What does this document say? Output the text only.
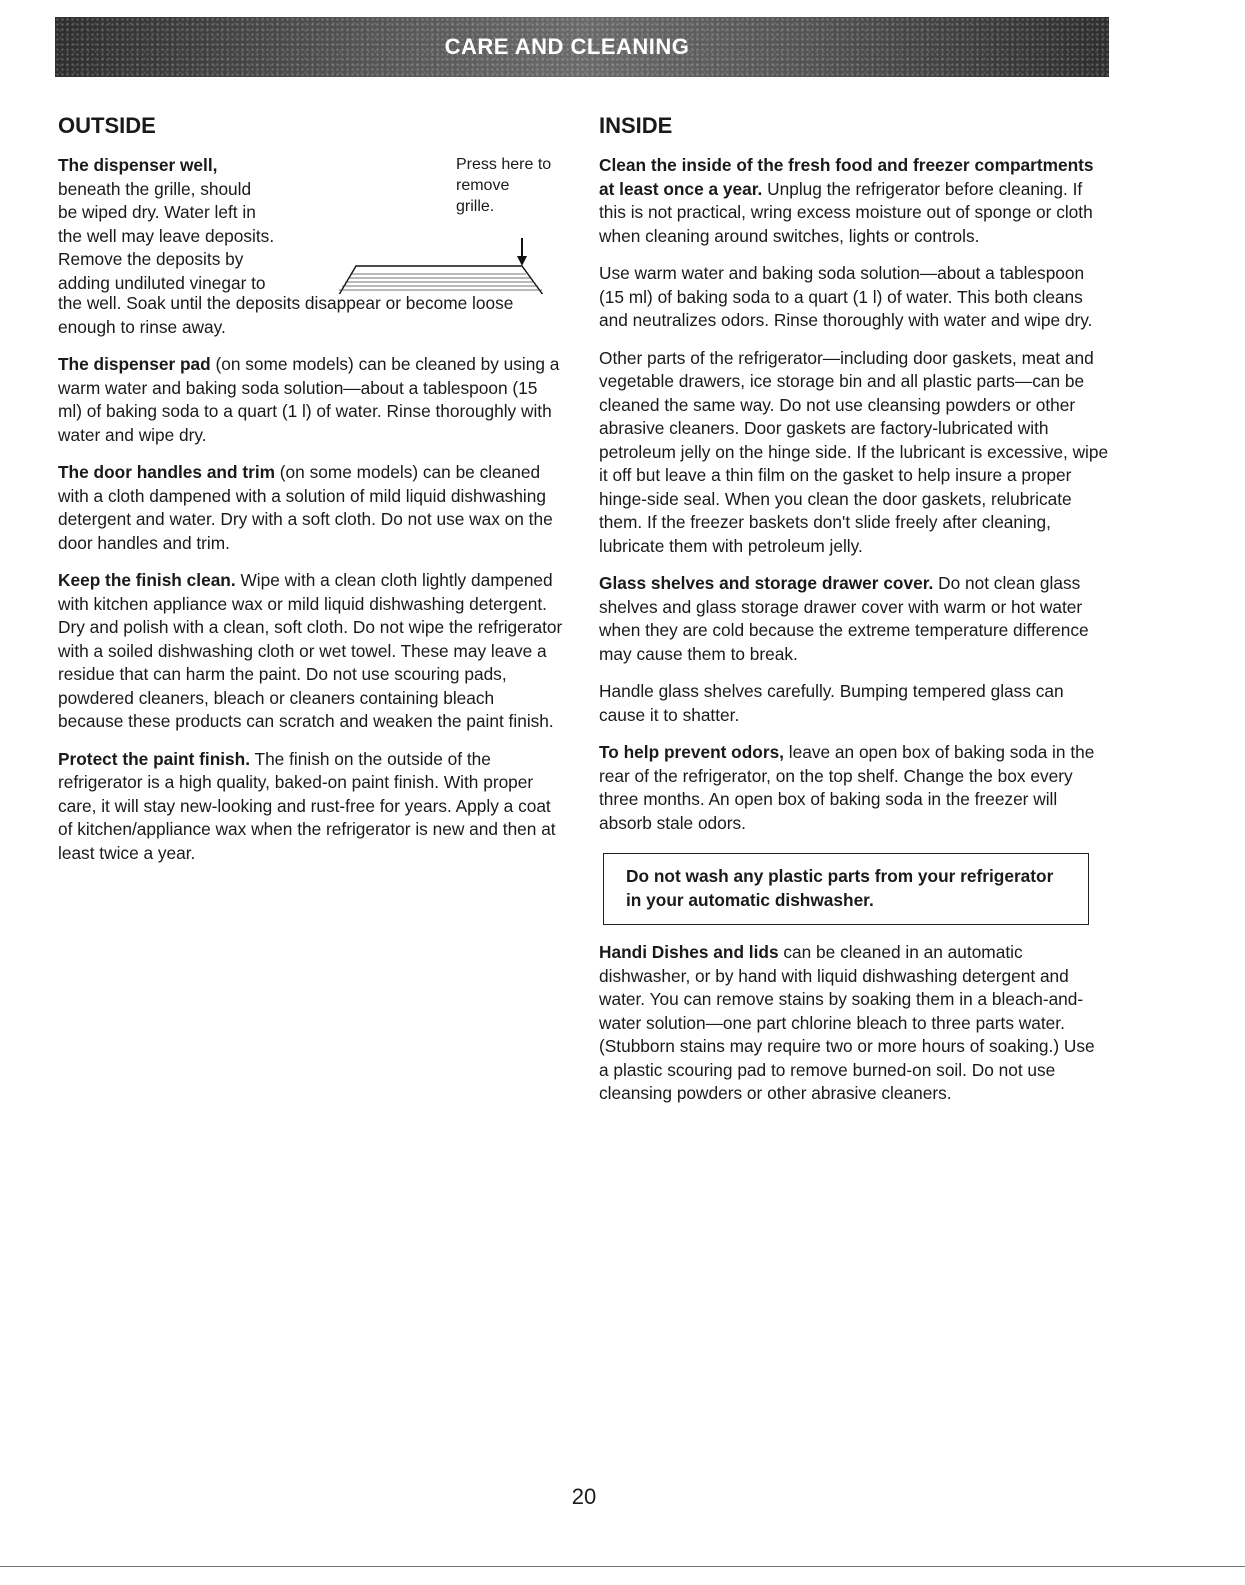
CARE AND CLEANING
OUTSIDE
The dispenser well,
beneath the grille, should
be wiped dry. Water left in
the well may leave deposits.
Remove the deposits by
adding undiluted vinegar to
Press here to
remove
grille.

the well. Soak until the deposits disappear or become loose enough to rinse away.

The dispenser pad (on some models) can be cleaned by using a warm water and baking soda solution—about a tablespoon (15 ml) of baking soda to a quart (1 l) of water. Rinse thoroughly with water and wipe dry.

The door handles and trim (on some models) can be cleaned with a cloth dampened with a solution of mild liquid dishwashing detergent and water. Dry with a soft cloth. Do not use wax on the door handles and trim.

Keep the finish clean. Wipe with a clean cloth lightly dampened with kitchen appliance wax or mild liquid dishwashing detergent. Dry and polish with a clean, soft cloth. Do not wipe the refrigerator with a soiled dishwashing cloth or wet towel. These may leave a residue that can harm the paint. Do not use scouring pads, powdered cleaners, bleach or cleaners containing bleach because these products can scratch and weaken the paint finish.

Protect the paint finish. The finish on the outside of the refrigerator is a high quality, baked-on paint finish. With proper care, it will stay new-looking and rust-free for years. Apply a coat of kitchen/appliance wax when the refrigerator is new and then at least twice a year.

INSIDE

Clean the inside of the fresh food and freezer compartments at least once a year. Unplug the refrigerator before cleaning. If this is not practical, wring excess moisture out of sponge or cloth when cleaning around switches, lights or controls.

Use warm water and baking soda solution—about a tablespoon (15 ml) of baking soda to a quart (1 l) of water. This both cleans and neutralizes odors. Rinse thoroughly with water and wipe dry.

Other parts of the refrigerator—including door gaskets, meat and vegetable drawers, ice storage bin and all plastic parts—can be cleaned the same way. Do not use cleansing powders or other abrasive cleaners. Door gaskets are factory-lubricated with petroleum jelly on the hinge side. If the lubricant is excessive, wipe it off but leave a thin film on the gasket to help insure a proper hinge-side seal. When you clean the door gaskets, relubricate them. If the freezer baskets don't slide freely after cleaning, lubricate them with petroleum jelly.

Glass shelves and storage drawer cover. Do not clean glass shelves and glass storage drawer cover with warm or hot water when they are cold because the extreme temperature difference may cause them to break.

Handle glass shelves carefully. Bumping tempered glass can cause it to shatter.

To help prevent odors, leave an open box of baking soda in the rear of the refrigerator, on the top shelf. Change the box every three months. An open box of baking soda in the freezer will absorb stale odors.

Do not wash any plastic parts from your refrigerator in your automatic dishwasher.

Handi Dishes and lids can be cleaned in an automatic dishwasher, or by hand with liquid dishwashing detergent and water. You can remove stains by soaking them in a bleach-and-water solution—one part chlorine bleach to three parts water. (Stubborn stains may require two or more hours of soaking.) Use a plastic scouring pad to remove burned-on soil. Do not use cleansing powders or other abrasive cleaners.

20
